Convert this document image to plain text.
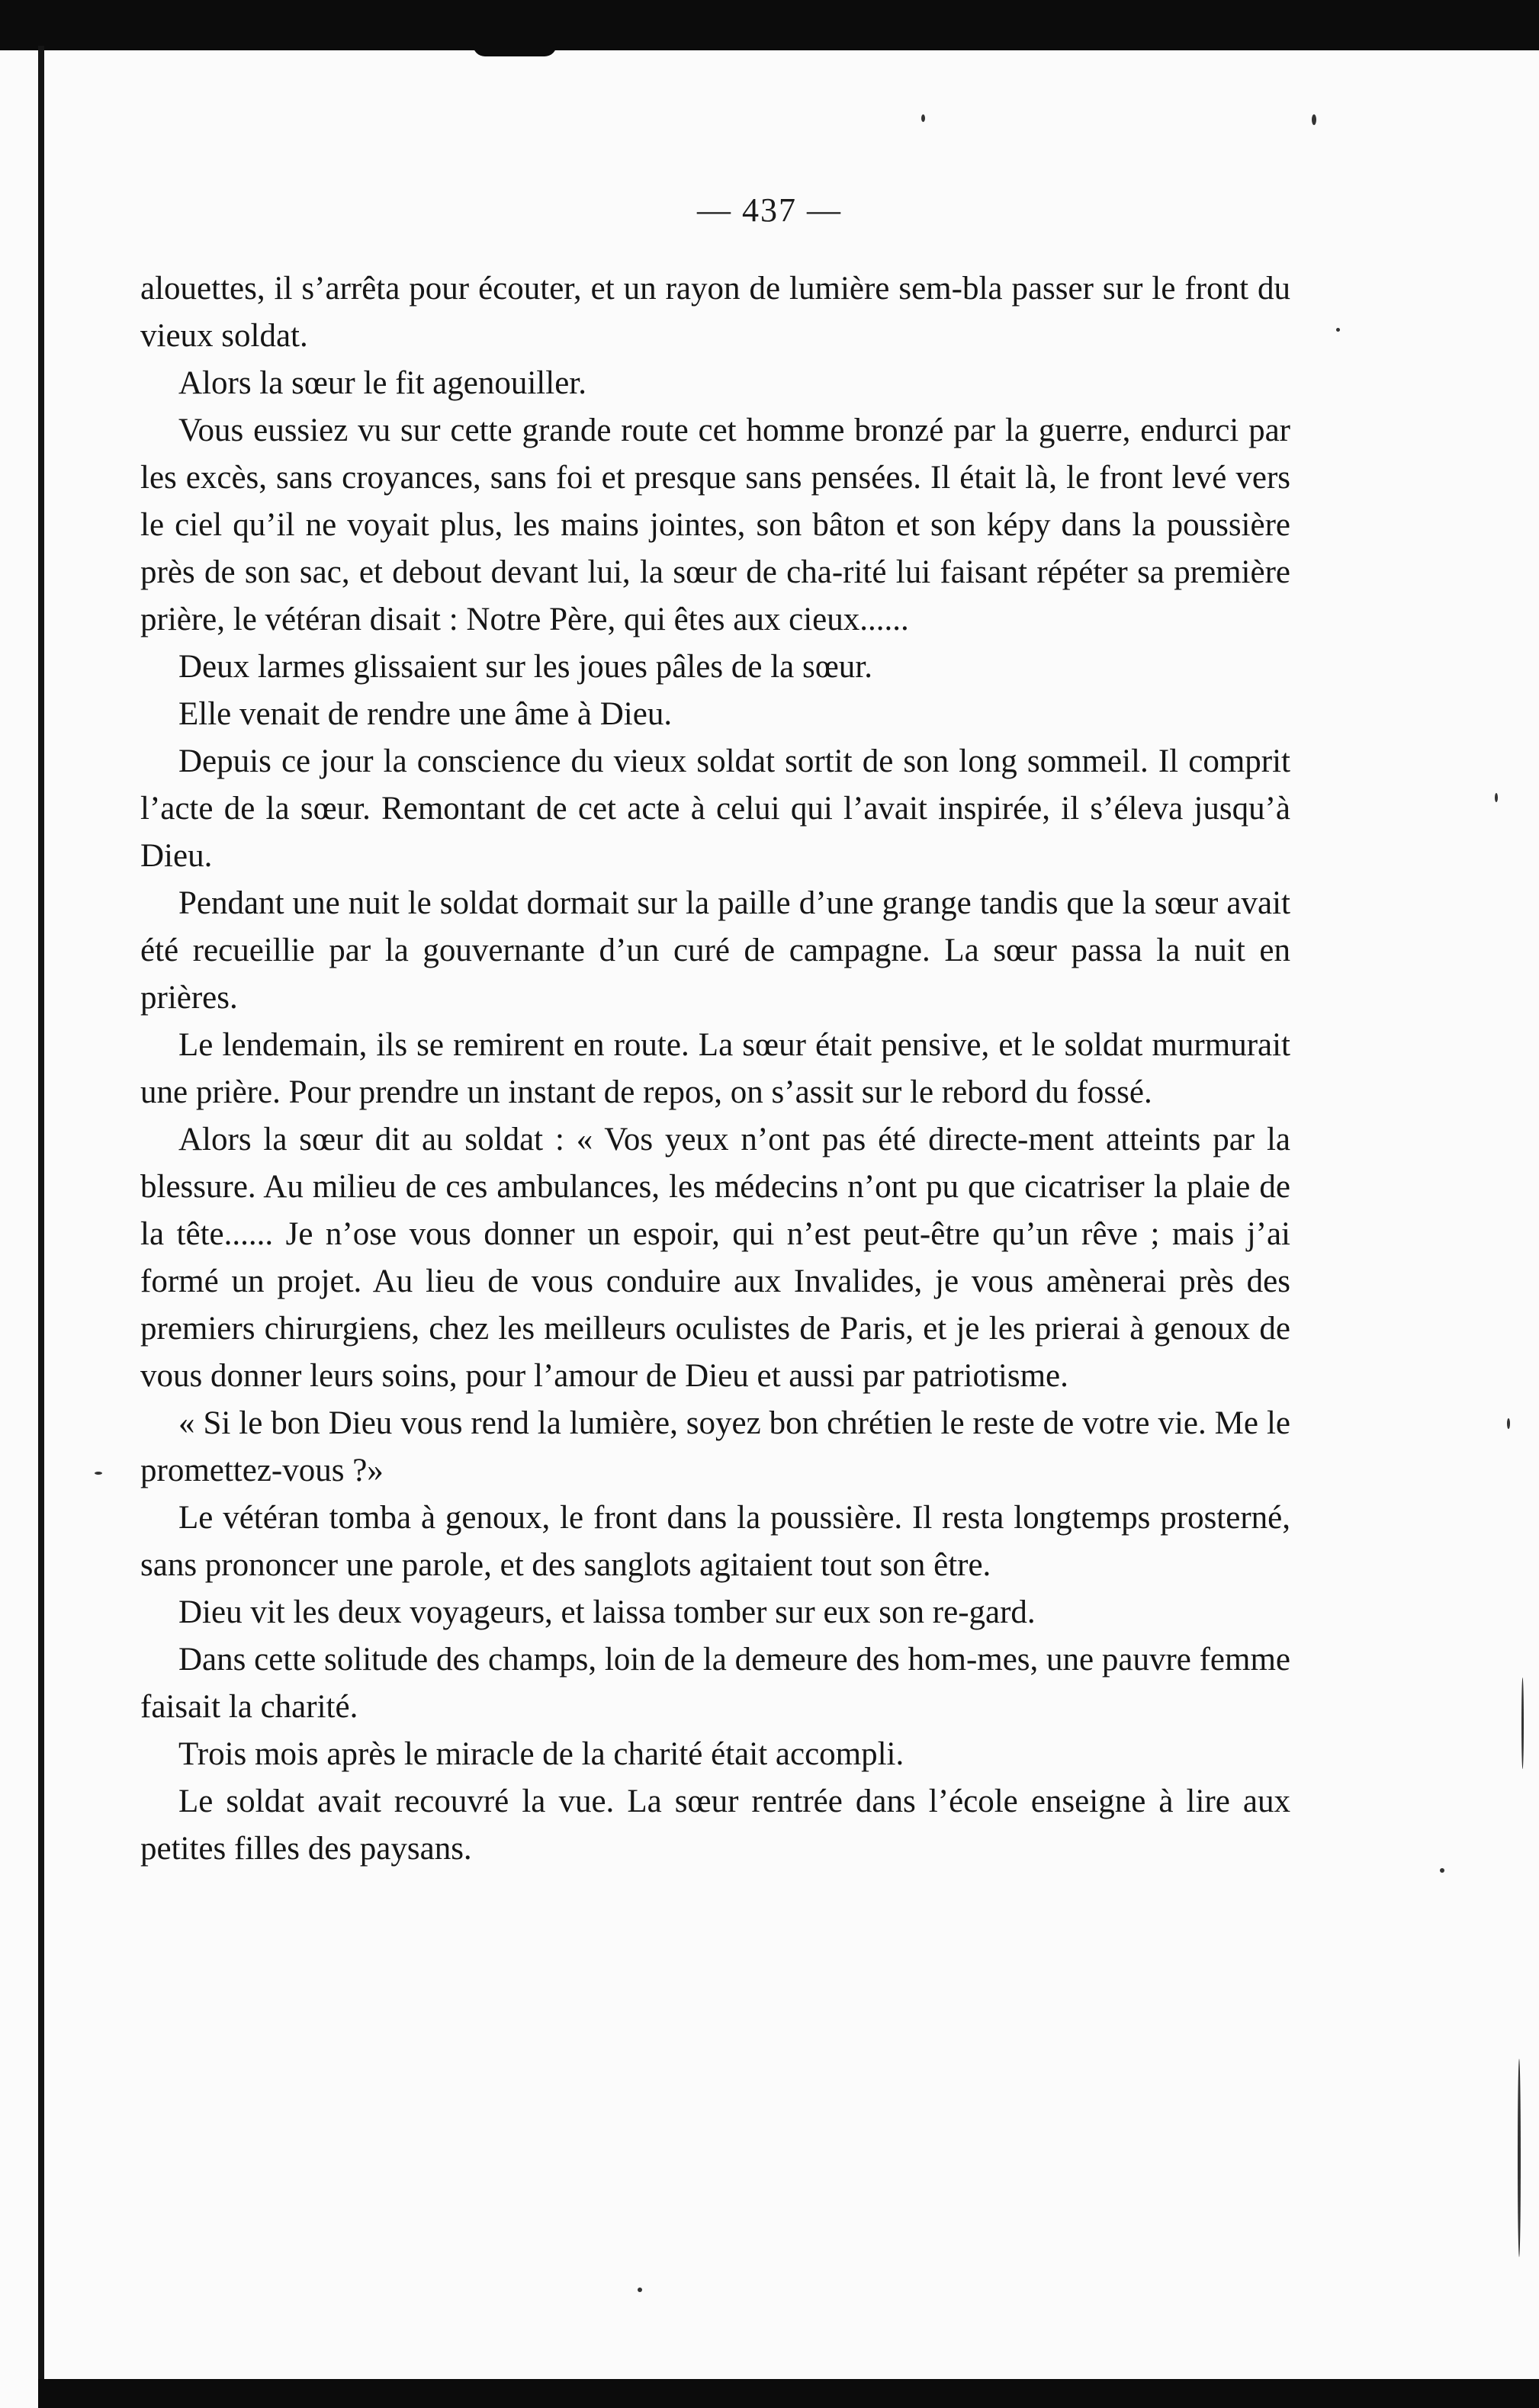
— 437 —

alouettes, il s’arrêta pour écouter, et un rayon de lumière sem-bla passer sur le front du vieux soldat.

Alors la sœur le fit agenouiller.

Vous eussiez vu sur cette grande route cet homme bronzé par la guerre, endurci par les excès, sans croyances, sans foi et presque sans pensées. Il était là, le front levé vers le ciel qu’il ne voyait plus, les mains jointes, son bâton et son képy dans la poussière près de son sac, et debout devant lui, la sœur de cha-rité lui faisant répéter sa première prière, le vétéran disait : Notre Père, qui êtes aux cieux......

Deux larmes glissaient sur les joues pâles de la sœur.

Elle venait de rendre une âme à Dieu.

Depuis ce jour la conscience du vieux soldat sortit de son long sommeil. Il comprit l’acte de la sœur. Remontant de cet acte à celui qui l’avait inspirée, il s’éleva jusqu’à Dieu.

Pendant une nuit le soldat dormait sur la paille d’une grange tandis que la sœur avait été recueillie par la gouvernante d’un curé de campagne. La sœur passa la nuit en prières.

Le lendemain, ils se remirent en route. La sœur était pensive, et le soldat murmurait une prière. Pour prendre un instant de repos, on s’assit sur le rebord du fossé.

Alors la sœur dit au soldat : « Vos yeux n’ont pas été directe-ment atteints par la blessure. Au milieu de ces ambulances, les médecins n’ont pu que cicatriser la plaie de la tête...... Je n’ose vous donner un espoir, qui n’est peut-être qu’un rêve ; mais j’ai formé un projet. Au lieu de vous conduire aux Invalides, je vous amènerai près des premiers chirurgiens, chez les meilleurs oculistes de Paris, et je les prierai à genoux de vous donner leurs soins, pour l’amour de Dieu et aussi par patriotisme.

« Si le bon Dieu vous rend la lumière, soyez bon chrétien le reste de votre vie. Me le promettez-vous ?»

Le vétéran tomba à genoux, le front dans la poussière. Il resta longtemps prosterné, sans prononcer une parole, et des sanglots agitaient tout son être.

Dieu vit les deux voyageurs, et laissa tomber sur eux son re-gard.

Dans cette solitude des champs, loin de la demeure des hom-mes, une pauvre femme faisait la charité.

Trois mois après le miracle de la charité était accompli.

Le soldat avait recouvré la vue. La sœur rentrée dans l’école enseigne à lire aux petites filles des paysans.
